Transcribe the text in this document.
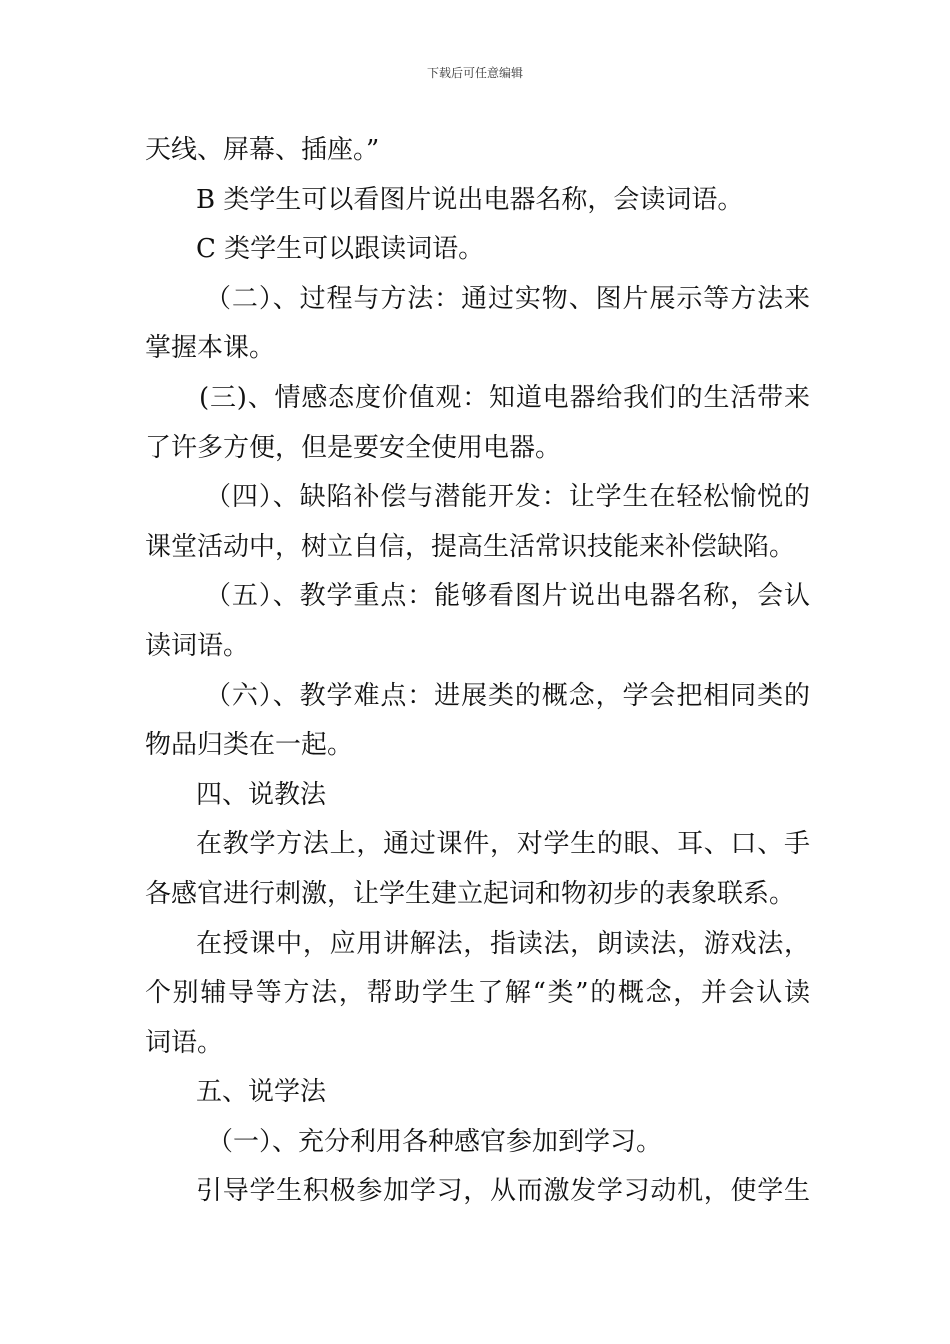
下载后可任意编辑
天线、屏幕、插座。”
B 类学生可以看图片说出电器名称，会读词语。
C 类学生可以跟读词语。
（二）、过程与方法：通过实物、图片展示等方法来
掌握本课。
(三)、情感态度价值观：知道电器给我们的生活带来
了许多方便，但是要安全使用电器。
（四）、缺陷补偿与潜能开发：让学生在轻松愉悦的
课堂活动中，树立自信，提高生活常识技能来补偿缺陷。
（五）、教学重点：能够看图片说出电器名称，会认
读词语。
（六）、教学难点：进展类的概念，学会把相同类的
物品归类在一起。
四、说教法
在教学方法上，通过课件，对学生的眼、耳、口、手
各感官进行刺激，让学生建立起词和物初步的表象联系。
在授课中，应用讲解法，指读法，朗读法，游戏法，
个别辅导等方法，帮助学生了解“类”的概念，并会认读
词语。
五、说学法
（一）、充分利用各种感官参加到学习。
引导学生积极参加学习，从而激发学习动机，使学生
